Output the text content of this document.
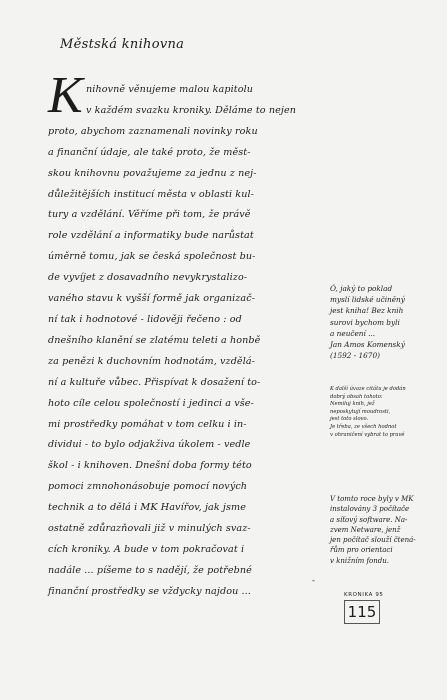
Městská knihovna
K nihovně věnujeme malou kapitolu
v každém svazku kroniky. Děláme to nejen
proto, abychom zaznamenali novinky roku
a finanční údaje, ale také proto, že měst-
skou knihovnu považujeme za jednu z nej-
důležitějších institucí města v oblasti kul-
tury a vzdělání. Věříme při tom, že právě
role vzdělání a informatiky bude narůstat
úměrně tomu, jak se česká společnost bu-
de vyvíjet z dosavadního nevykrystalizo-
vaného stavu k vyšší formě jak organizač-
ní tak i hodnotové - lidověji řečeno : od
dnešního klanění se zlatému teleti a honbě
za penězi k duchovním hodnotám, vzdělá-
ní a kultuře vůbec. Přispívat k dosažení to-
hoto cíle celou společností i jedinci a vše-
mi prostředky pomáhat v tom celku i in-
dividui - to bylo odjakživa úkolem - vedle
škol - i knihoven. Dnešní doba formy této
pomoci zmnohonásobuje pomocí nových
technik a to dělá i MK Havířov, jak jsme
ostatně zdůrazňovali již v minulých svaz-
cích kroniky. A bude v tom pokračovat i
nadále ... píšeme to s nadějí, že potřebné
finanční prostředky se vždycky najdou ...
Ó, jaký to poklad
myslí lidské učiněný
jest kniha! Bez knih
surovi bychom byli
a neučení ...
Jan Amos Komenský
(1592 - 1670)
K další úvaze citátu je dodán
dobrý obsah tohoto:
Nemiluj knih, jež
neposkytují moudrosti,
jest toto slovo.
Je třeba, ze všech hodnot
v ohraničení vybrat to pravé
V tomto roce byly v MK
instalovány 3 počítače
a síťový software. Na-
zvem Netware, jenž
jen počítač slouží čtená-
řům pro orientaci
v knižním fondu.
-
KRONIKA 95
115
